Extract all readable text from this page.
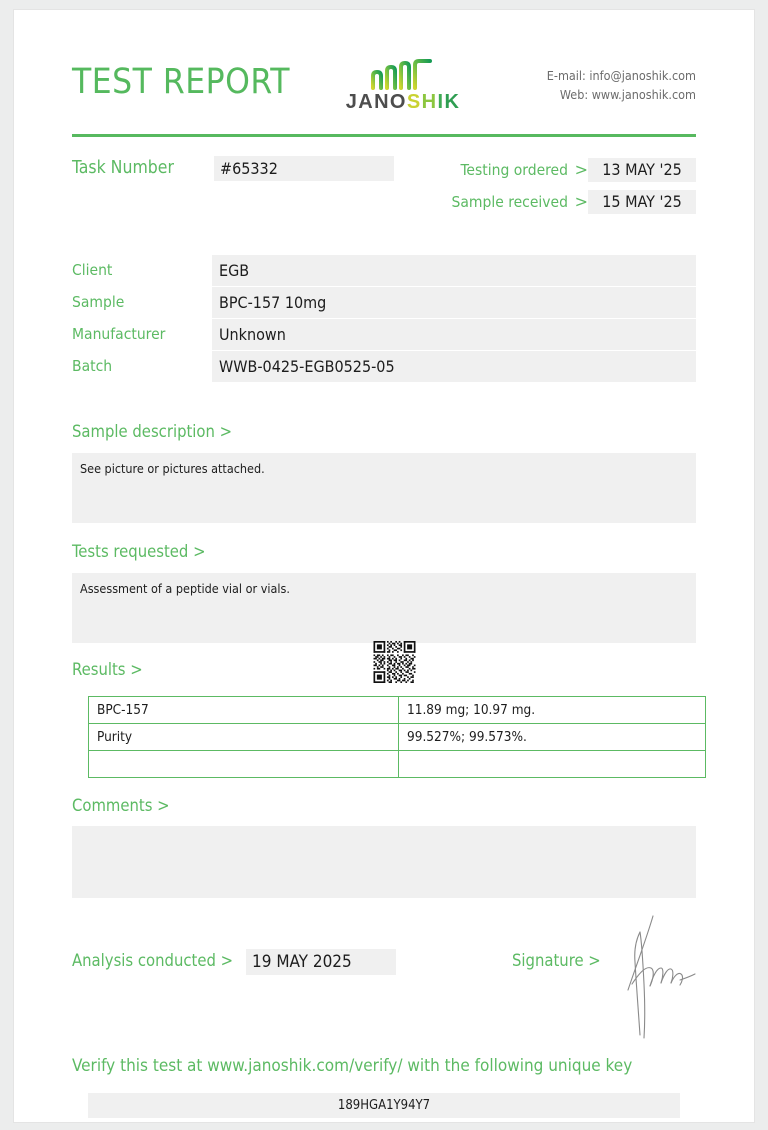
TEST REPORT	JANOSHIK
E-mail: info@janoshik.com
Web: www.janoshik.com
Task Number	#65332	Testing ordered > 13 MAY '25
Sample received > 15 MAY '25
Client	EGB
Sample	BPC-157 10mg
Manufacturer	Unknown
Batch	WWB-0425-EGB0525-05
Sample description >
See picture or pictures attached.
Tests requested >
Assessment of a peptide vial or vials.
Results >
BPC-157	11.89 mg; 10.97 mg.
Purity	99.527%; 99.573%.

Comments >
Analysis conducted >	19 MAY 2025	Signature >
Verify this test at www.janoshik.com/verify/ with the following unique key
189HGA1Y94Y7
